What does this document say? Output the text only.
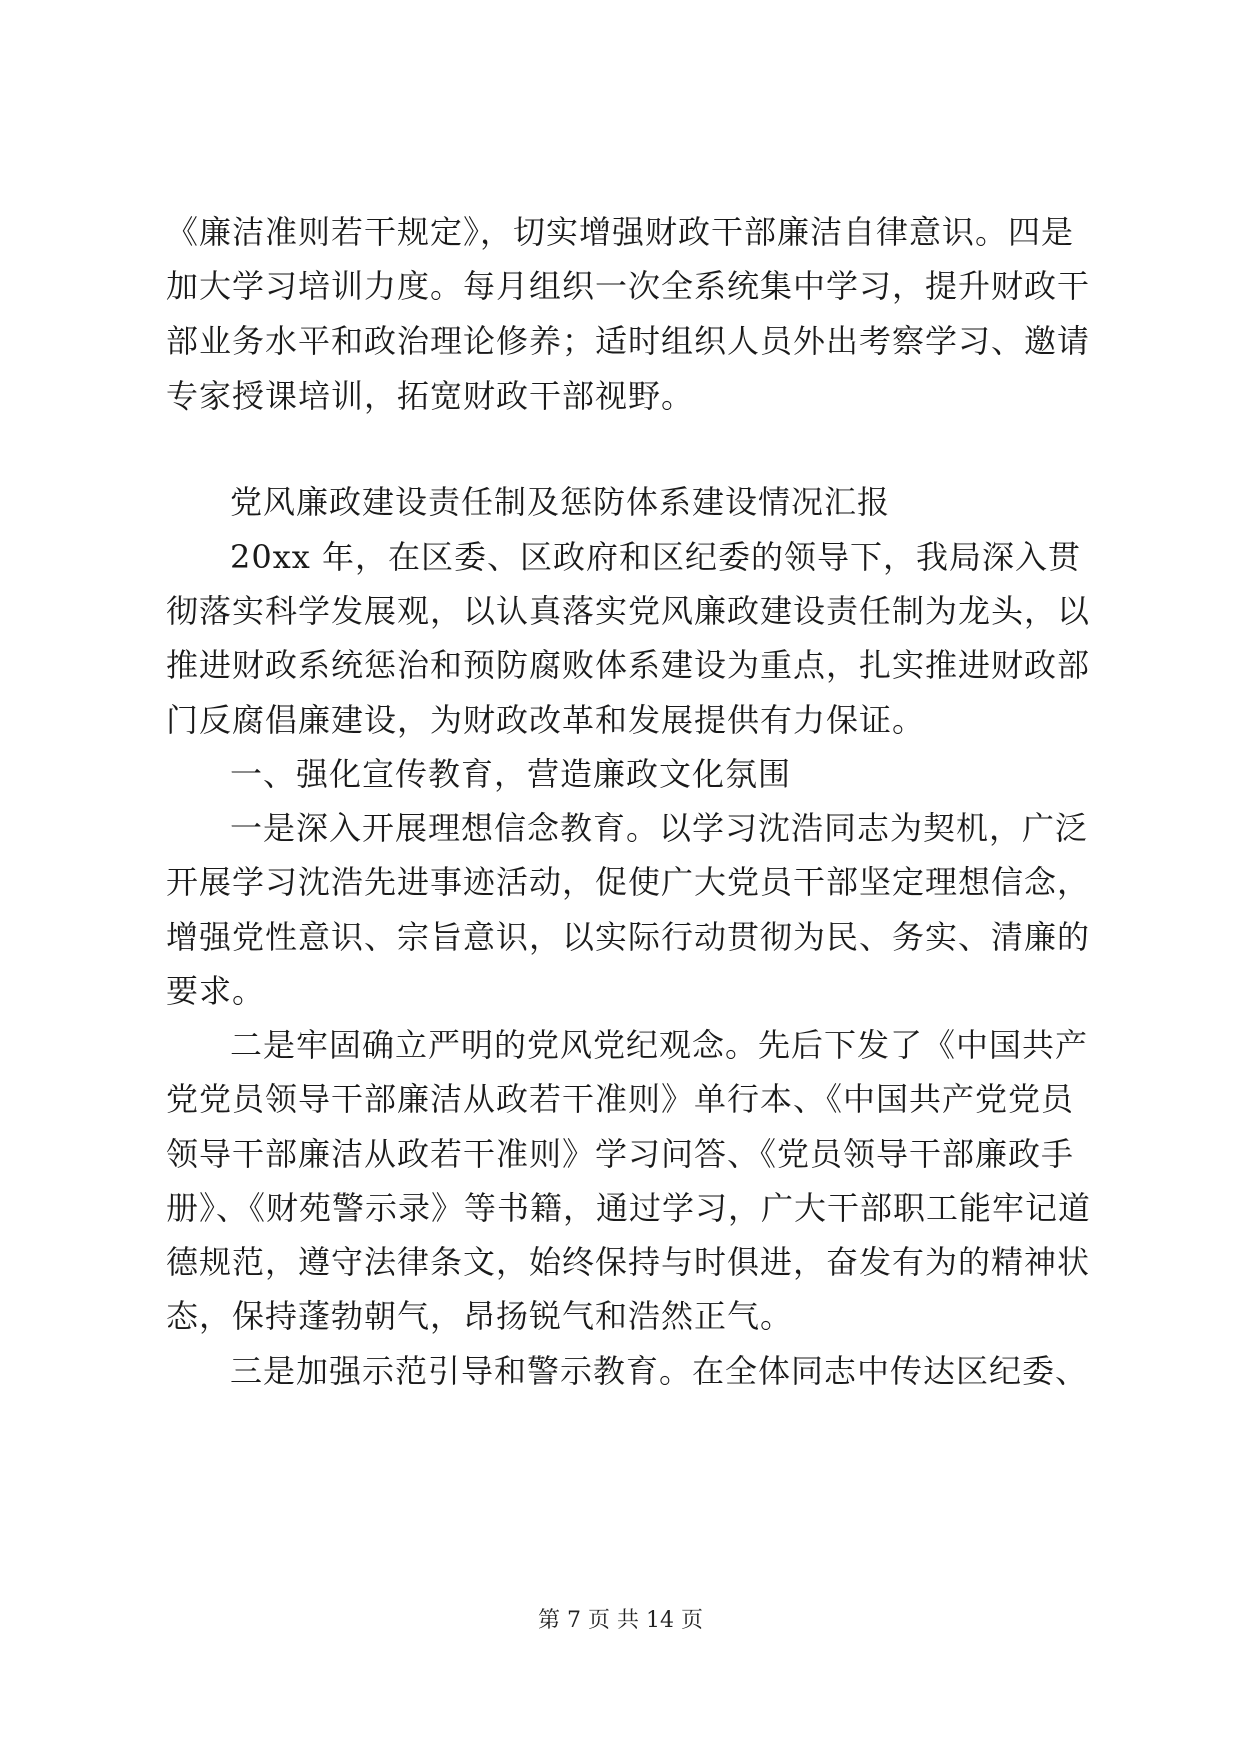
《廉洁准则若干规定》，切实增强财政干部廉洁自律意识。四是
加大学习培训力度。每月组织一次全系统集中学习，提升财政干
部业务水平和政治理论修养；适时组织人员外出考察学习、邀请
专家授课培训，拓宽财政干部视野。
党风廉政建设责任制及惩防体系建设情况汇报
20xx 年，在区委、区政府和区纪委的领导下，我局深入贯
彻落实科学发展观，以认真落实党风廉政建设责任制为龙头，以
推进财政系统惩治和预防腐败体系建设为重点，扎实推进财政部
门反腐倡廉建设，为财政改革和发展提供有力保证。
一、强化宣传教育，营造廉政文化氛围
一是深入开展理想信念教育。以学习沈浩同志为契机，广泛
开展学习沈浩先进事迹活动，促使广大党员干部坚定理想信念，
增强党性意识、宗旨意识，以实际行动贯彻为民、务实、清廉的
要求。
二是牢固确立严明的党风党纪观念。先后下发了《中国共产
党党员领导干部廉洁从政若干准则》单行本、《中国共产党党员
领导干部廉洁从政若干准则》学习问答、《党员领导干部廉政手
册》、《财苑警示录》等书籍，通过学习，广大干部职工能牢记道
德规范，遵守法律条文，始终保持与时俱进，奋发有为的精神状
态，保持蓬勃朝气，昂扬锐气和浩然正气。
三是加强示范引导和警示教育。在全体同志中传达区纪委、
第 7 页 共 14 页
